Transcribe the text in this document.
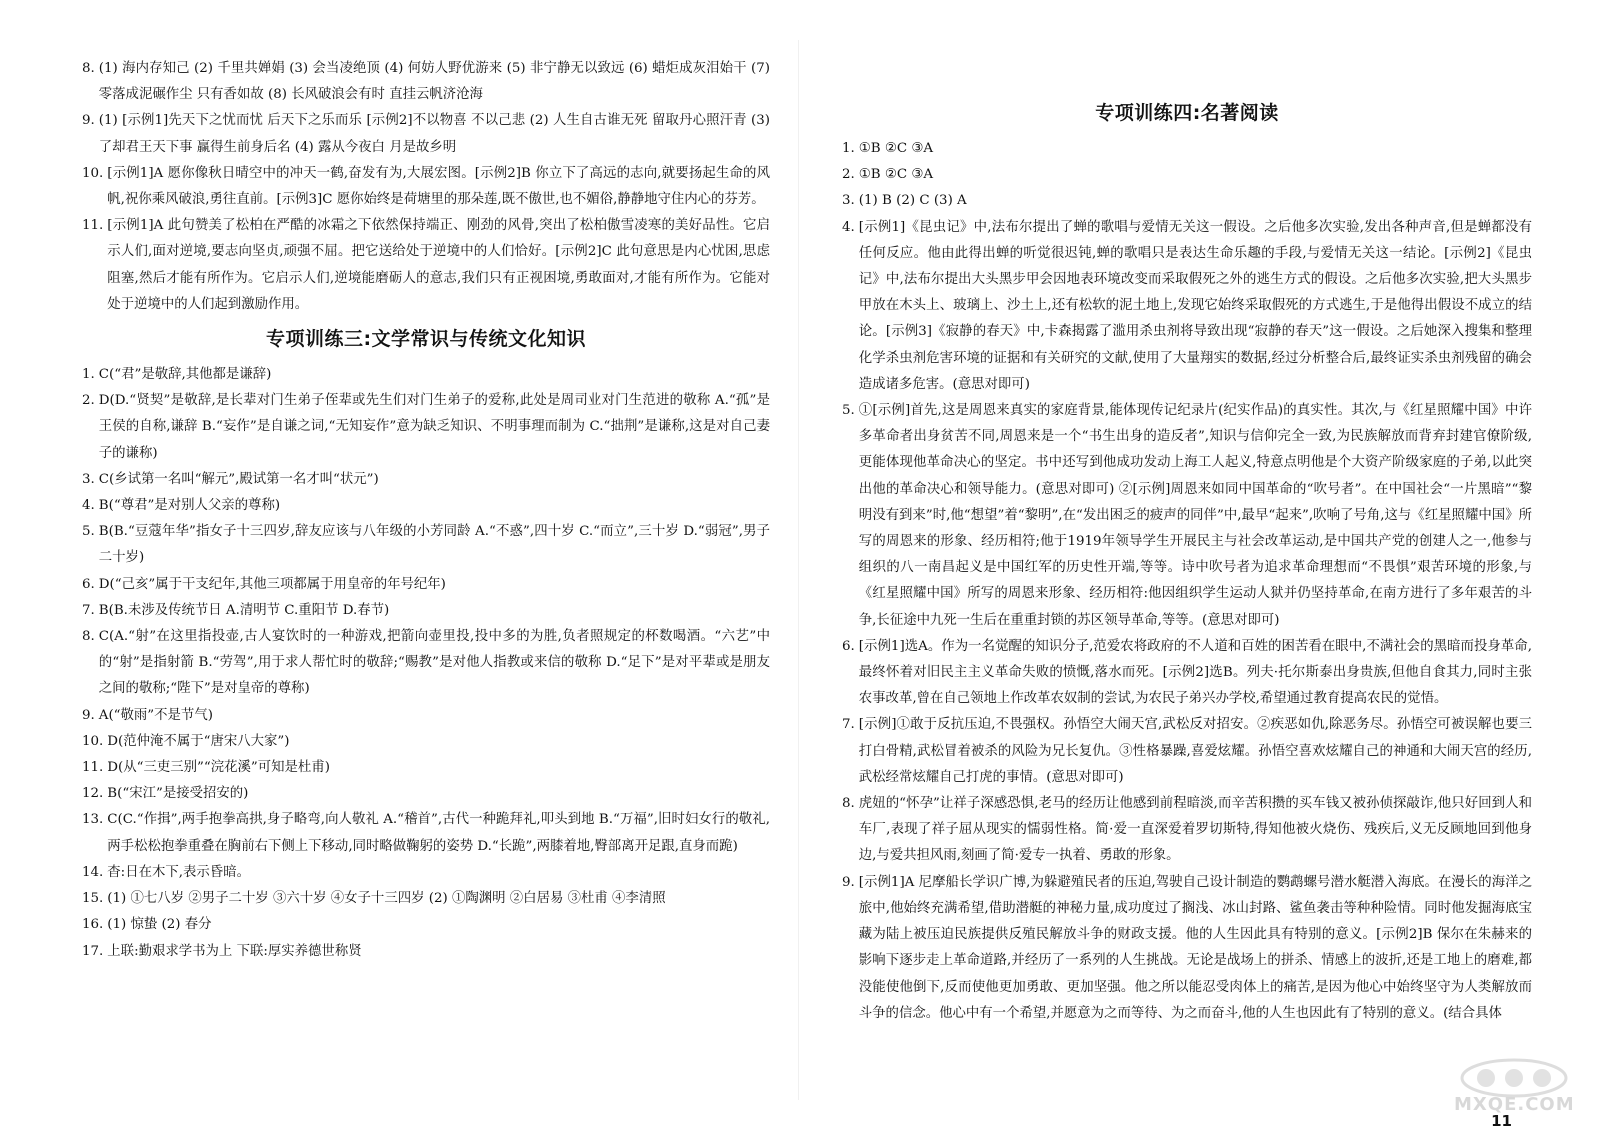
8. (1) 海内存知己 (2) 千里共婵娟 (3) 会当凌绝顶 (4) 何妨人野优游来 (5) 非宁静无以致远 (6) 蜡炬成灰泪始干 (7) 零落成泥碾作尘 只有香如故 (8) 长风破浪会有时 直挂云帆济沧海
9. (1) [示例1]先天下之忧而忧 后天下之乐而乐 [示例2]不以物喜 不以己悲 (2) 人生自古谁无死 留取丹心照汗青 (3) 了却君王天下事 赢得生前身后名 (4) 露从今夜白 月是故乡明
10. [示例1]A 愿你像秋日晴空中的冲天一鹤,奋发有为,大展宏图。[示例2]B 你立下了高远的志向,就要扬起生命的风帆,祝你乘风破浪,勇往直前。[示例3]C 愿你始终是荷塘里的那朵莲,既不傲世,也不媚俗,静静地守住内心的芬芳。
11. [示例1]A 此句赞美了松柏在严酷的冰霜之下依然保持端正、刚劲的风骨,突出了松柏傲雪凌寒的美好品性。它启示人们,面对逆境,要志向坚贞,顽强不屈。把它送给处于逆境中的人们恰好。[示例2]C 此句意思是内心忧困,思虑阻塞,然后才能有所作为。它启示人们,逆境能磨砺人的意志,我们只有正视困境,勇敢面对,才能有所作为。它能对处于逆境中的人们起到激励作用。
专项训练三:文学常识与传统文化知识
1. C(“君”是敬辞,其他都是谦辞)
2. D(D.“贤契”是敬辞,是长辈对门生弟子侄辈或先生们对门生弟子的爱称,此处是周司业对门生范进的敬称 A.“孤”是王侯的自称,谦辞 B.“妄作”是自谦之词,“无知妄作”意为缺乏知识、不明事理而制为 C.“拙荆”是谦称,这是对自己妻子的谦称)
3. C(乡试第一名叫“解元”,殿试第一名才叫“状元”)
4. B(“尊君”是对别人父亲的尊称)
5. B(B.“豆蔻年华”指女子十三四岁,辞友应该与八年级的小芳同龄 A.“不惑”,四十岁 C.“而立”,三十岁 D.“弱冠”,男子二十岁)
6. D(“己亥”属于干支纪年,其他三项都属于用皇帝的年号纪年)
7. B(B.未涉及传统节日 A.清明节 C.重阳节 D.春节)
8. C(A.“射”在这里指投壶,古人宴饮时的一种游戏,把箭向壶里投,投中多的为胜,负者照规定的杯数喝酒。“六艺”中的“射”是指射箭 B.“劳驾”,用于求人帮忙时的敬辞;“赐教”是对他人指教或来信的敬称 D.“足下”是对平辈或是朋友之间的敬称;“陛下”是对皇帝的尊称)
9. A(“敬雨”不是节气)
10. D(范仲淹不属于“唐宋八大家”)
11. D(从“三吏三别”“浣花溪”可知是杜甫)
12. B(“宋江”是接受招安的)
13. C(C.“作揖”,两手抱拳高拱,身子略弯,向人敬礼 A.“稽首”,古代一种跪拜礼,叩头到地 B.“万福”,旧时妇女行的敬礼,两手松松抱拳重叠在胸前右下侧上下移动,同时略做鞠躬的姿势 D.“长跪”,两膝着地,臀部离开足跟,直身而跪)
14. 杳:日在木下,表示昏暗。
15. (1) ①七八岁 ②男子二十岁 ③六十岁 ④女子十三四岁 (2) ①陶渊明 ②白居易 ③杜甫 ④李清照
16. (1) 惊蛰 (2) 春分
17. 上联:勤艰求学书为上 下联:厚实养德世称贤
专项训练四:名著阅读
1. ①B ②C ③A
2. ①B ②C ③A
3. (1) B (2) C (3) A
4. [示例1]《昆虫记》中,法布尔提出了蝉的歌唱与爱情无关这一假设。之后他多次实验,发出各种声音,但是蝉都没有任何反应。他由此得出蝉的听觉很迟钝,蝉的歌唱只是表达生命乐趣的手段,与爱情无关这一结论。[示例2]《昆虫记》中,法布尔提出大头黑步甲会因地表环境改变而采取假死之外的逃生方式的假设。之后他多次实验,把大头黑步甲放在木头上、玻璃上、沙土上,还有松软的泥土地上,发现它始终采取假死的方式逃生,于是他得出假设不成立的结论。[示例3]《寂静的春天》中,卡森揭露了滥用杀虫剂将导致出现“寂静的春天”这一假设。之后她深入搜集和整理化学杀虫剂危害环境的证据和有关研究的文献,使用了大量翔实的数据,经过分析整合后,最终证实杀虫剂残留的确会造成诸多危害。(意思对即可)
5. ①[示例]首先,这是周恩来真实的家庭背景,能体现传记纪录片(纪实作品)的真实性。其次,与《红星照耀中国》中许多革命者出身贫苦不同,周恩来是一个“书生出身的造反者”,知识与信仰完全一致,为民族解放而背弃封建官僚阶级,更能体现他革命决心的坚定。书中还写到他成功发动上海工人起义,特意点明他是个大资产阶级家庭的子弟,以此突出他的革命决心和领导能力。(意思对即可) ②[示例]周恩来如同中国革命的“吹号者”。在中国社会“一片黑暗”“黎明没有到来”时,他“想望”着“黎明”,在“发出困乏的疲声的同伴”中,最早“起来”,吹响了号角,这与《红星照耀中国》所写的周恩来的形象、经历相符;他于1919年领导学生开展民主与社会改革运动,是中国共产党的创建人之一,他参与组织的八一南昌起义是中国红军的历史性开端,等等。诗中吹号者为追求革命理想而“不畏惧”艰苦环境的形象,与《红星照耀中国》所写的周恩来形象、经历相符:他因组织学生运动人狱并仍坚持革命,在南方进行了多年艰苦的斗争,长征途中九死一生后在重重封锁的苏区领导革命,等等。(意思对即可)
6. [示例1]选A。作为一名觉醒的知识分子,范爱农将政府的不人道和百姓的困苦看在眼中,不满社会的黑暗而投身革命,最终怀着对旧民主主义革命失败的愤慨,落水而死。[示例2]选B。列夫·托尔斯泰出身贵族,但他自食其力,同时主张农事改革,曾在自己领地上作改革农奴制的尝试,为农民子弟兴办学校,希望通过教育提高农民的觉悟。
7. [示例]①敢于反抗压迫,不畏强权。孙悟空大闹天宫,武松反对招安。②疾恶如仇,除恶务尽。孙悟空可被误解也要三打白骨精,武松冒着被杀的风险为兄长复仇。③性格暴躁,喜爱炫耀。孙悟空喜欢炫耀自己的神通和大闹天宫的经历,武松经常炫耀自己打虎的事情。(意思对即可)
8. 虎妞的“怀孕”让祥子深感恐惧,老马的经历让他感到前程暗淡,而辛苦积攒的买车钱又被孙侦探敲诈,他只好回到人和车厂,表现了祥子屈从现实的懦弱性格。简·爱一直深爱着罗切斯特,得知他被火烧伤、残疾后,义无反顾地回到他身边,与爱共担风雨,刻画了简·爱专一执着、勇敢的形象。
9. [示例1]A 尼摩船长学识广博,为躲避殖民者的压迫,驾驶自己设计制造的鹦鹉螺号潜水艇潜入海底。在漫长的海洋之旅中,他始终充满希望,借助潜艇的神秘力量,成功度过了搁浅、冰山封路、鲨鱼袭击等种种险情。同时他发掘海底宝藏为陆上被压迫民族提供反殖民解放斗争的财政支援。他的人生因此具有特别的意义。[示例2]B 保尔在朱赫来的影响下逐步走上革命道路,并经历了一系列的人生挑战。无论是战场上的拼杀、情感上的波折,还是工地上的磨难,都没能使他倒下,反而使他更加勇敢、更加坚强。他之所以能忍受肉体上的痛苦,是因为他心中始终坚守为人类解放而斗争的信念。他心中有一个希望,并愿意为之而等待、为之而奋斗,他的人生也因此有了特别的意义。(结合具体
MXQE.COM
11
